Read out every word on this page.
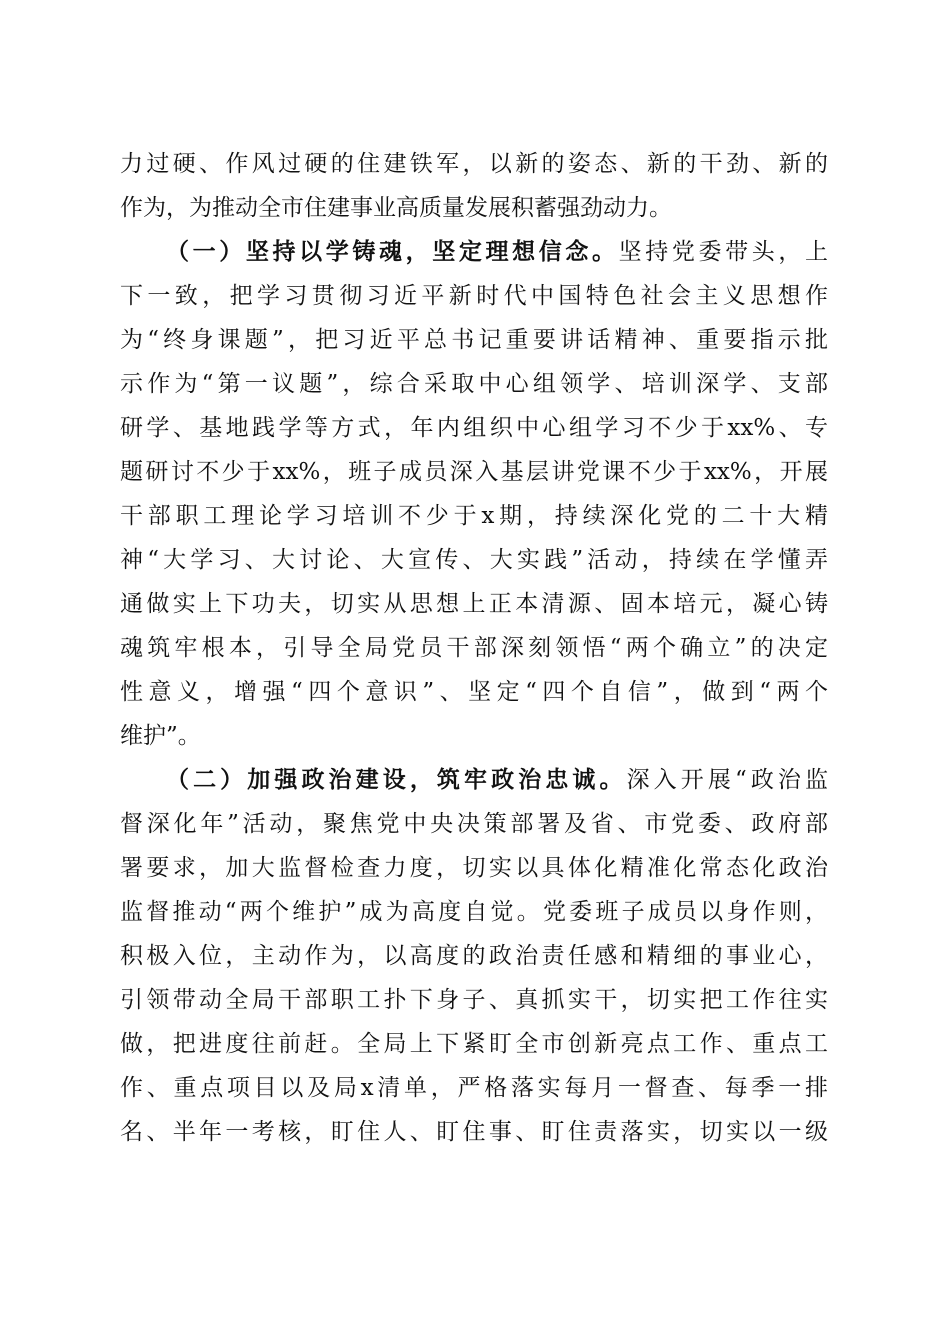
力过硬、作风过硬的住建铁军，以新的姿态、新的干劲、新的
作为，为推动全市住建事业高质量发展积蓄强劲动力。
（一）坚持以学铸魂，坚定理想信念。坚持党委带头，上
下一致，把学习贯彻习近平新时代中国特色社会主义思想作
为“终身课题”，把习近平总书记重要讲话精神、重要指示批
示作为“第一议题”，综合采取中心组领学、培训深学、支部
研学、基地践学等方式，年内组织中心组学习不少于xx%、专
题研讨不少于xx%，班子成员深入基层讲党课不少于xx%，开展
干部职工理论学习培训不少于x期，持续深化党的二十大精
神“大学习、大讨论、大宣传、大实践”活动，持续在学懂弄
通做实上下功夫，切实从思想上正本清源、固本培元，凝心铸
魂筑牢根本，引导全局党员干部深刻领悟“两个确立”的决定
性意义，增强“四个意识”、坚定“四个自信”，做到“两个
维护”。
（二）加强政治建设，筑牢政治忠诚。深入开展“政治监
督深化年”活动，聚焦党中央决策部署及省、市党委、政府部
署要求，加大监督检查力度，切实以具体化精准化常态化政治
监督推动“两个维护”成为高度自觉。党委班子成员以身作则，
积极入位，主动作为，以高度的政治责任感和精细的事业心，
引领带动全局干部职工扑下身子、真抓实干，切实把工作往实
做，把进度往前赶。全局上下紧盯全市创新亮点工作、重点工
作、重点项目以及局x清单，严格落实每月一督查、每季一排
名、半年一考核，盯住人、盯住事、盯住责落实，切实以一级
